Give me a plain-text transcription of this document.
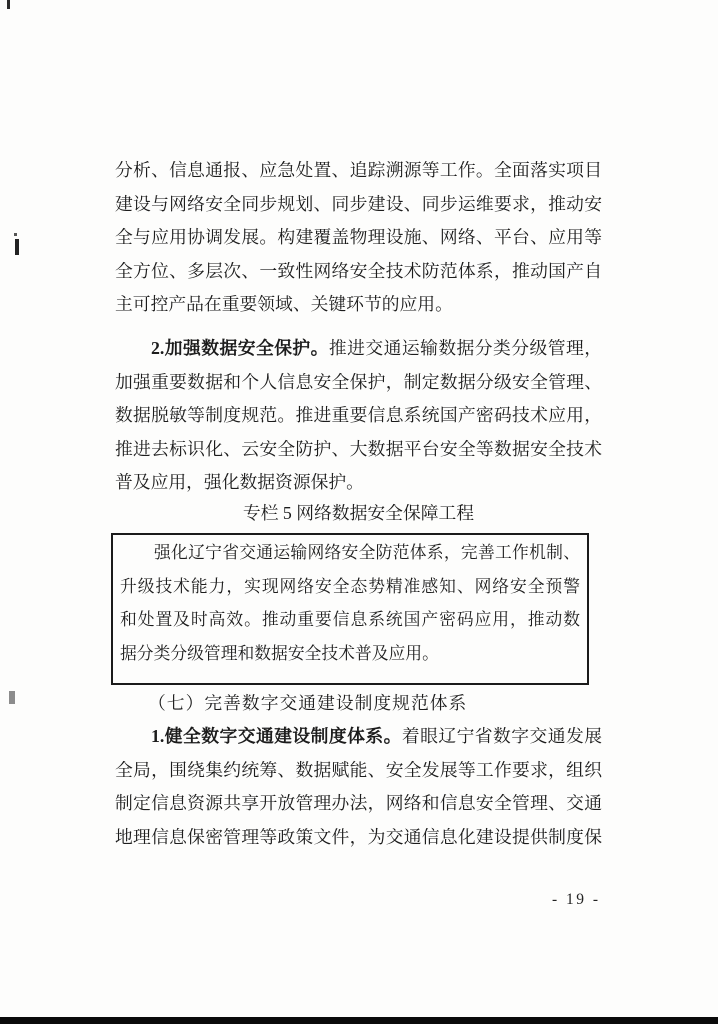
分析、信息通报、应急处置、追踪溯源等工作。全面落实项目
建设与网络安全同步规划、同步建设、同步运维要求，推动安
全与应用协调发展。构建覆盖物理设施、网络、平台、应用等
全方位、多层次、一致性网络安全技术防范体系，推动国产自
主可控产品在重要领域、关键环节的应用。
2.加强数据安全保护。推进交通运输数据分类分级管理，
加强重要数据和个人信息安全保护，制定数据分级安全管理、
数据脱敏等制度规范。推进重要信息系统国产密码技术应用，
推进去标识化、云安全防护、大数据平台安全等数据安全技术
普及应用，强化数据资源保护。
专栏 5 网络数据安全保障工程
强化辽宁省交通运输网络安全防范体系，完善工作机制、
升级技术能力，实现网络安全态势精准感知、网络安全预警
和处置及时高效。推动重要信息系统国产密码应用，推动数
据分类分级管理和数据安全技术普及应用。
（七）完善数字交通建设制度规范体系
1.健全数字交通建设制度体系。着眼辽宁省数字交通发展
全局，围绕集约统筹、数据赋能、安全发展等工作要求，组织
制定信息资源共享开放管理办法，网络和信息安全管理、交通
地理信息保密管理等政策文件，为交通信息化建设提供制度保
- 19 -
